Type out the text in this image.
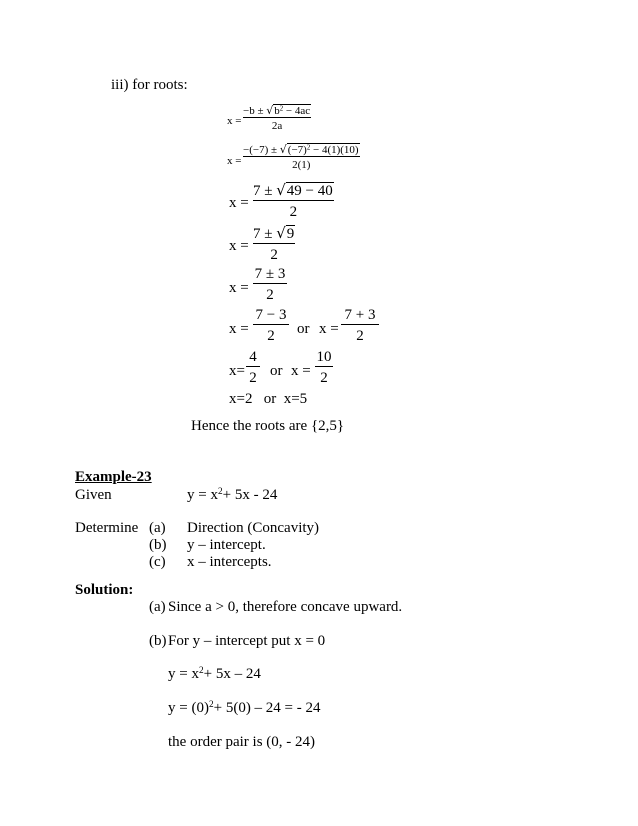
iii) for roots:
x =
$-b \pm √b^2 - 4ac$
2a
x =
$-(-7) \pm √(-7)^2 - 4(1)(10)$
2(1)
x =
7 ± √49 − 40
2
x =
7 ± √9
2
x =
7 ± 3
2
x =
7 − 3
2	or x =
7 + 3
2
x=
4
2 or x =
10
2
x=2   or  x=5
Hence the roots are {2,5}
Example-23
Given	$y = x^2+ 5x - 24$
Determine (a) Direction (Concavity)
(b) y – intercept.
(c) x – intercepts.
Solution:
(a) Since a > 0, therefore concave upward.
(b) For y – intercept put x = 0
$y = x^2+ 5x - 24$
$y = (0)^2+ 5(0) - 24$ = - 24
the order pair is (0, - 24)
